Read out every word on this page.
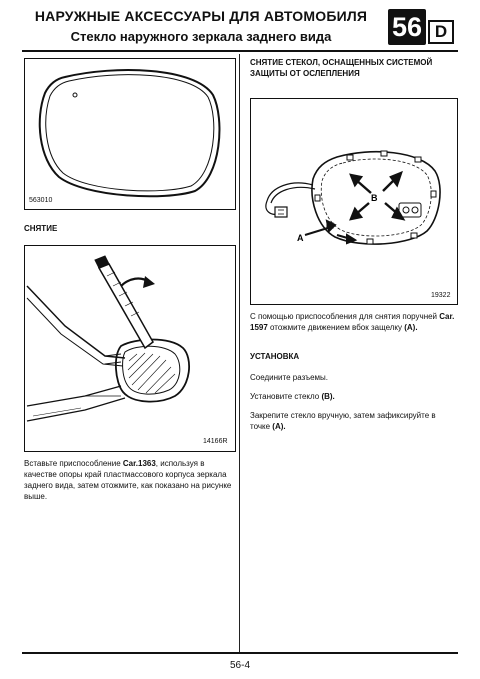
НАРУЖНЫЕ АКСЕССУАРЫ ДЛЯ АВТОМОБИЛЯ
Стекло наружного зеркала заднего вида	56 D
563010
СНЯТИЕ
14166R
Вставьте приспособление Car.1363, используя в качестве опоры край пластмассового корпуса зеркала заднего вида, затем отожмите, как показано на рисунке выше.
СНЯТИЕ СТЕКОЛ, ОСНАЩЕННЫХ СИСТЕМОЙ ЗАЩИТЫ ОТ ОСЛЕПЛЕНИЯ
B
A
19322
С помощью приспособления для снятия поручней Car. 1597 отожмите движением вбок защелку (A).
УСТАНОВКА
Соедините разъемы.
Установите стекло (B).
Закрепите стекло вручную, затем зафиксируйте в точке (A).
56-4
